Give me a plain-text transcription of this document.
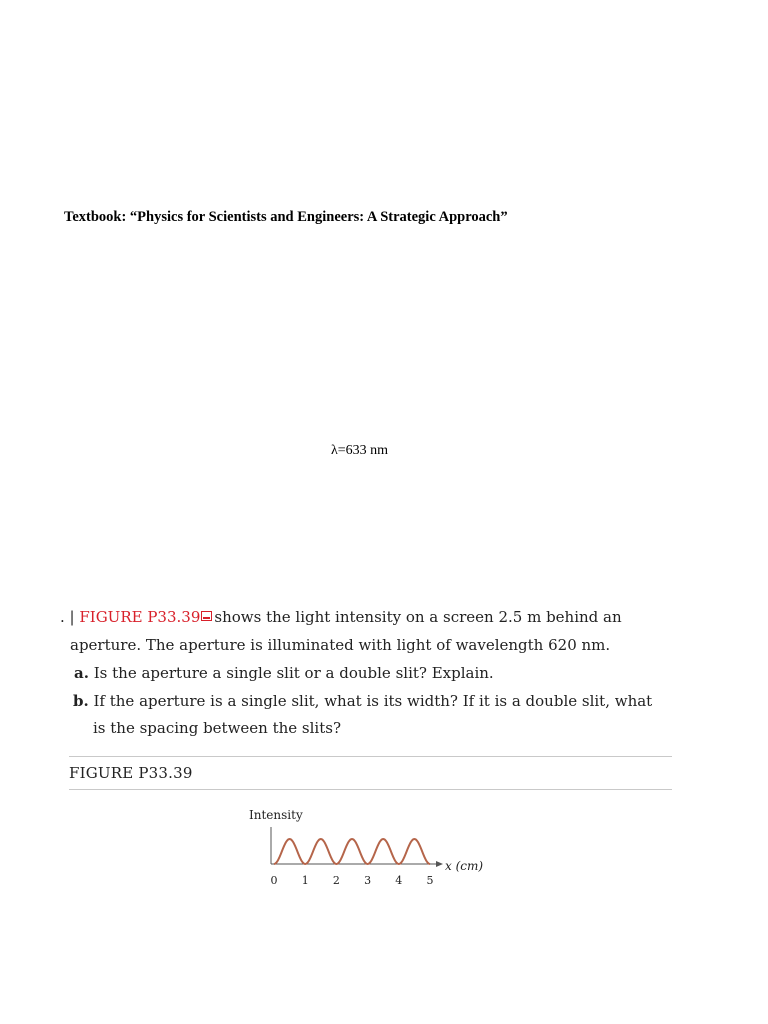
Textbook: “Physics for Scientists and Engineers: A Strategic Approach”
λ=633 nm
. | FIGURE P33.39 shows the light intensity on a screen 2.5 m behind an
aperture. The aperture is illuminated with light of wavelength 620 nm.
a. Is the aperture a single slit or a double slit? Explain.
b. If the aperture is a single slit, what is its width? If it is a double slit, what
is the spacing between the slits?
FIGURE P33.39
Intensity
x (cm)
0 1 2 3 4 5
